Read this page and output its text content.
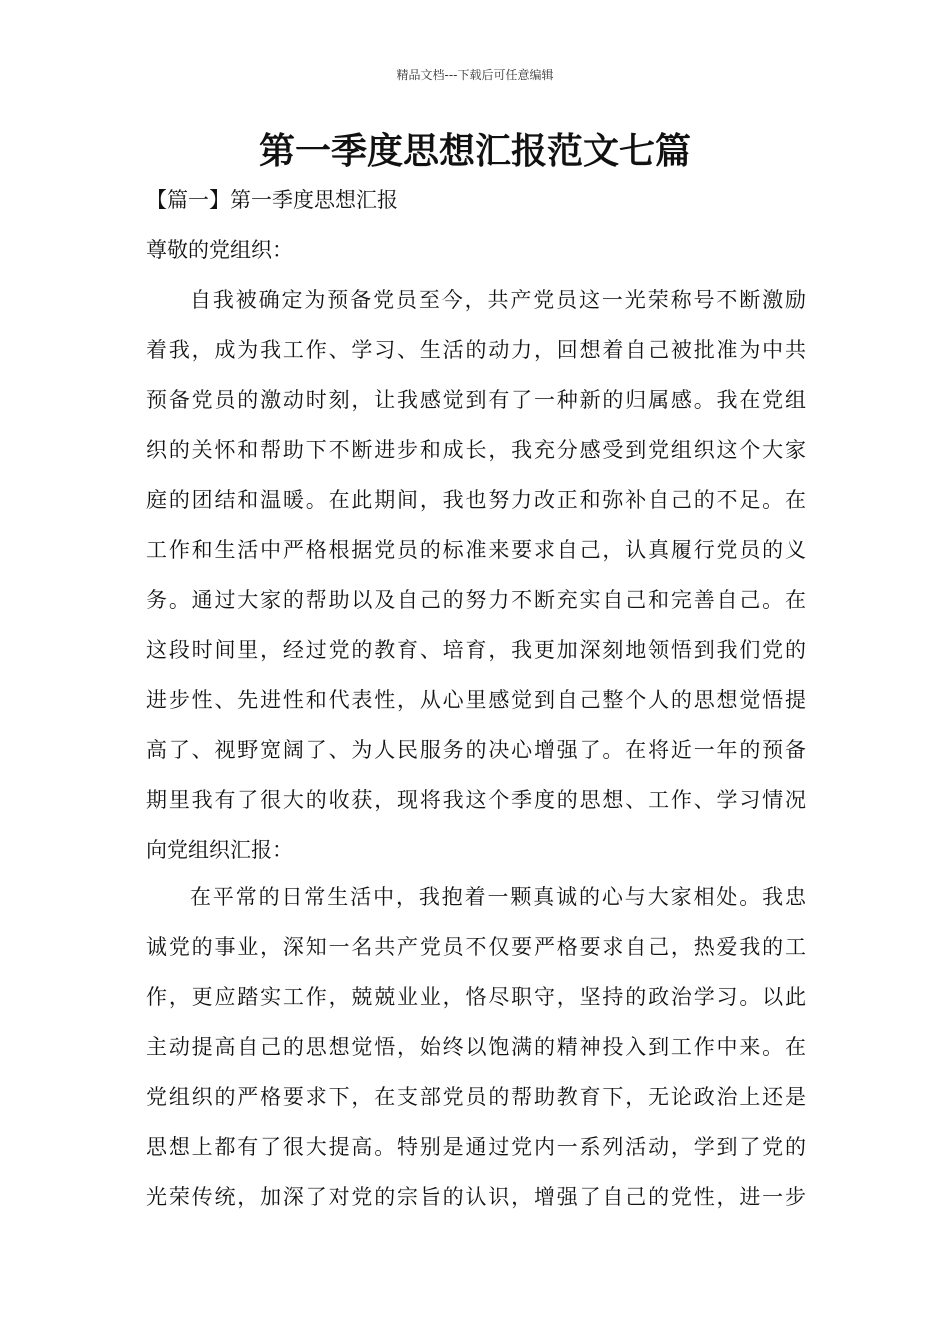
精品文档---下载后可任意编辑
第一季度思想汇报范文七篇
【篇一】第一季度思想汇报
尊敬的党组织：
自我被确定为预备党员至今，共产党员这一光荣称号不断激励
着我，成为我工作、学习、生活的动力，回想着自己被批准为中共
预备党员的激动时刻，让我感觉到有了一种新的归属感。我在党组
织的关怀和帮助下不断进步和成长，我充分感受到党组织这个大家
庭的团结和温暖。在此期间，我也努力改正和弥补自己的不足。在
工作和生活中严格根据党员的标准来要求自己，认真履行党员的义
务。通过大家的帮助以及自己的努力不断充实自己和完善自己。在
这段时间里，经过党的教育、培育，我更加深刻地领悟到我们党的
进步性、先进性和代表性，从心里感觉到自己整个人的思想觉悟提
高了、视野宽阔了、为人民服务的决心增强了。在将近一年的预备
期里我有了很大的收获，现将我这个季度的思想、工作、学习情况
向党组织汇报：
在平常的日常生活中，我抱着一颗真诚的心与大家相处。我忠
诚党的事业，深知一名共产党员不仅要严格要求自己，热爱我的工
作，更应踏实工作，兢兢业业，恪尽职守，坚持的政治学习。以此
主动提高自己的思想觉悟，始终以饱满的精神投入到工作中来。在
党组织的严格要求下，在支部党员的帮助教育下，无论政治上还是
思想上都有了很大提高。特别是通过党内一系列活动，学到了党的
光荣传统，加深了对党的宗旨的认识，增强了自己的党性，进一步
